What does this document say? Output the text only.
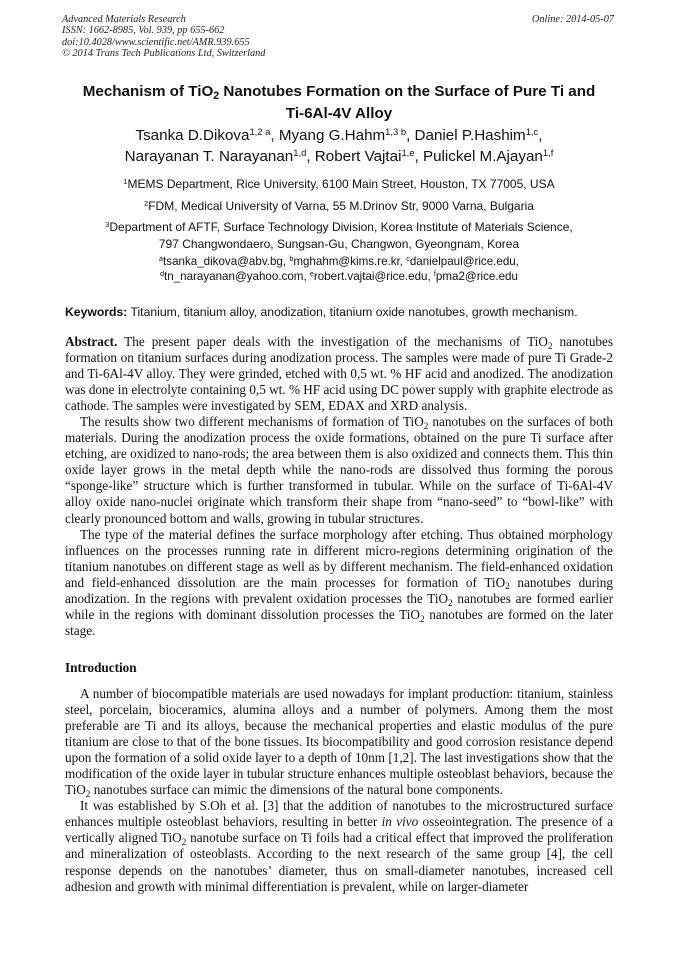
Advanced Materials Research
ISSN: 1662-8985, Vol. 939, pp 655-662
doi:10.4028/www.scientific.net/AMR.939.655
© 2014 Trans Tech Publications Ltd, Switzerland
Online: 2014-05-07
Mechanism of TiO$_2$ Nanotubes Formation on the Surface of Pure Ti and
Ti-6Al-4V Alloy
Tsanka D.Dikova$^{1,2 a}$, Myang G.Hahm$^{1,3 b}$, Daniel P.Hashim$^{1,c}$,
Narayanan T. Narayanan$^{1,d}$, Robert Vajtai$^{1,e}$, Pulickel M.Ajayan$^{1,f}$
$^1$MEMS Department, Rice University, 6100 Main Street, Houston, TX 77005, USA
$^2$FDM, Medical University of Varna, 55 M.Drinov Str, 9000 Varna, Bulgaria
$^3$Department of AFTF, Surface Technology Division, Korea Institute of Materials Science,
797 Changwondaero, Sungsan-Gu, Changwon, Gyeongnam, Korea
$^a$tsanka_dikova@abv.bg, $^b$mghahm@kims.re.kr, $^c$danielpaul@rice.edu,
$^d$tn_narayanan@yahoo.com, $^e$robert.vajtai@rice.edu, $^f$pma2@rice.edu
Keywords: Titanium, titanium alloy, anodization, titanium oxide nanotubes, growth mechanism.

Abstract. The present paper deals with the investigation of the mechanisms of TiO$_2$ nanotubes formation on titanium surfaces during anodization process. The samples were made of pure Ti Grade-2 and Ti-6Al-4V alloy. They were grinded, etched with 0,5 wt. % HF acid and anodized. The anodization was done in electrolyte containing 0,5 wt. % HF acid using DC power supply with graphite electrode as cathode. The samples were investigated by SEM, EDAX and XRD analysis.

The results show two different mechanisms of formation of TiO$_2$ nanotubes on the surfaces of both materials. During the anodization process the oxide formations, obtained on the pure Ti surface after etching, are oxidized to nano-rods; the area between them is also oxidized and connects them. This thin oxide layer grows in the metal depth while the nano-rods are dissolved thus forming the porous “sponge-like” structure which is further transformed in tubular. While on the surface of Ti-6Al-4V alloy oxide nano-nuclei originate which transform their shape from “nano-seed” to “bowl-like” with clearly pronounced bottom and walls, growing in tubular structures.

The type of the material defines the surface morphology after etching. Thus obtained morphology influences on the processes running rate in different micro-regions determining origination of the titanium nanotubes on different stage as well as by different mechanism. The field-enhanced oxidation and field-enhanced dissolution are the main processes for formation of TiO$_2$ nanotubes during anodization. In the regions with prevalent oxidation processes the TiO$_2$ nanotubes are formed earlier while in the regions with dominant dissolution processes the TiO$_2$ nanotubes are formed on the later stage.

Introduction

A number of biocompatible materials are used nowadays for implant production: titanium, stainless steel, porcelain, bioceramics, alumina alloys and a number of polymers. Among them the most preferable are Ti and its alloys, because the mechanical properties and elastic modulus of the pure titanium are close to that of the bone tissues. Its biocompatibility and good corrosion resistance depend upon the formation of a solid oxide layer to a depth of 10nm [1,2]. The last investigations show that the modification of the oxide layer in tubular structure enhances multiple osteoblast behaviors, because the TiO$_2$ nanotubes surface can mimic the dimensions of the natural bone components.

It was established by S.Oh et al. [3] that the addition of nanotubes to the microstructured surface enhances multiple osteoblast behaviors, resulting in better in vivo osseointegration. The presence of a vertically aligned TiO$_2$ nanotube surface on Ti foils had a critical effect that improved the proliferation and mineralization of osteoblasts. According to the next research of the same group [4], the cell response depends on the nanotubes’ diameter, thus on small-diameter nanotubes, increased cell adhesion and growth with minimal differentiation is prevalent, while on larger-diameter
